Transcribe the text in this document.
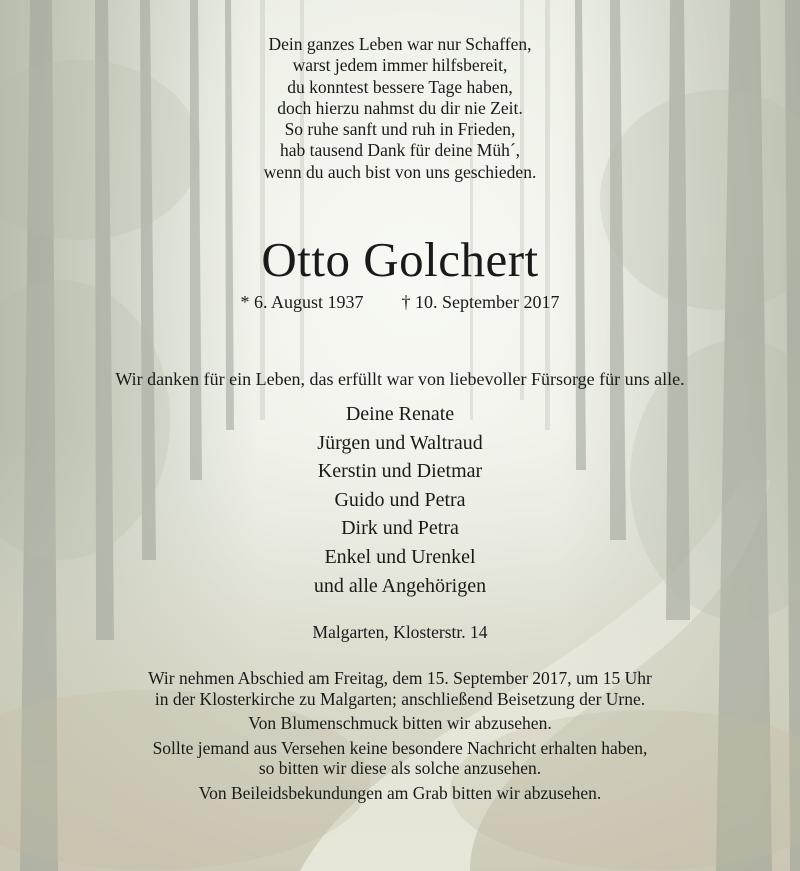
Dein ganzes Leben war nur Schaffen,
warst jedem immer hilfsbereit,
du konntest bessere Tage haben,
doch hierzu nahmst du dir nie Zeit.
So ruhe sanft und ruh in Frieden,
hab tausend Dank für deine Müh´,
wenn du auch bist von uns geschieden.
Otto Golchert
* 6. August 1937 † 10. September 2017
Wir danken für ein Leben, das erfüllt war von liebevoller Fürsorge für uns alle.
Deine Renate
Jürgen und Waltraud
Kerstin und Dietmar
Guido und Petra
Dirk und Petra
Enkel und Urenkel
und alle Angehörigen
Malgarten, Klosterstr. 14
Wir nehmen Abschied am Freitag, dem 15. September 2017, um 15 Uhr
in der Klosterkirche zu Malgarten; anschließend Beisetzung der Urne.
Von Blumenschmuck bitten wir abzusehen.
Sollte jemand aus Versehen keine besondere Nachricht erhalten haben,
so bitten wir diese als solche anzusehen.
Von Beileidsbekundungen am Grab bitten wir abzusehen.
